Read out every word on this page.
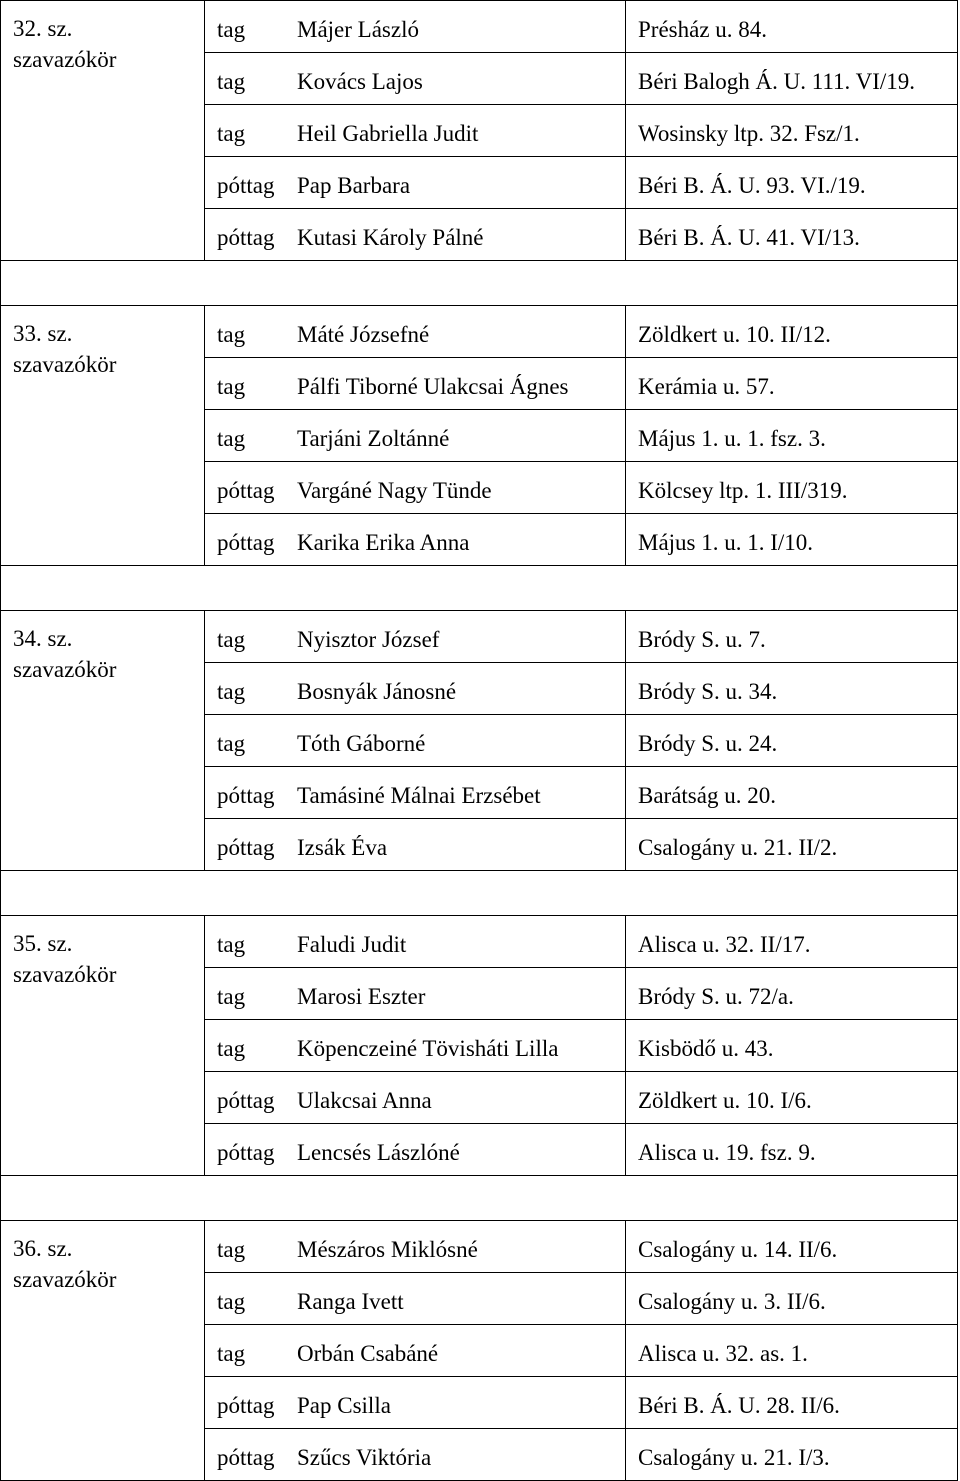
32. sz.
szavazókör

tag	Májer László	Présház u. 84.

tag	Kovács Lajos	Béri Balogh Á. U. 111. VI/19.

tag	Heil Gabriella Judit	Wosinsky ltp. 32. Fsz/1.

póttag	Pap Barbara	Béri B. Á. U. 93. VI./19.

póttag	Kutasi Károly Pálné	Béri B. Á. U. 41. VI/13.

33. sz.
szavazókör

tag	Máté Józsefné	Zöldkert u. 10. II/12.

tag	Pálfi Tiborné Ulakcsai Ágnes	Kerámia u. 57.

tag	Tarjáni Zoltánné	Május 1. u. 1. fsz. 3.

póttag	Vargáné Nagy Tünde	Kölcsey ltp. 1. III/319.

póttag	Karika Erika Anna	Május 1. u. 1. I/10.

34. sz.
szavazókör

tag	Nyisztor József	Bródy S. u. 7.

tag	Bosnyák Jánosné	Bródy S. u. 34.

tag	Tóth Gáborné	Bródy S. u. 24.

póttag	Tamásiné Málnai Erzsébet	Barátság u. 20.

póttag	Izsák Éva	Csalogány u. 21. II/2.

35. sz.
szavazókör

tag	Faludi Judit	Alisca u. 32. II/17.

tag	Marosi Eszter	Bródy S. u. 72/a.

tag	Köpenczeiné Tövisháti Lilla	Kisbödő u. 43.

póttag	Ulakcsai Anna	Zöldkert u. 10. I/6.

póttag	Lencsés Lászlóné	Alisca u. 19. fsz. 9.

36. sz.
szavazókör

tag	Mészáros Miklósné	Csalogány u. 14. II/6.

tag	Ranga Ivett	Csalogány u. 3. II/6.

tag	Orbán Csabáné	Alisca u. 32. as. 1.

póttag	Pap Csilla	Béri B. Á. U. 28. II/6.

póttag	Szűcs Viktória	Csalogány u. 21. I/3.
